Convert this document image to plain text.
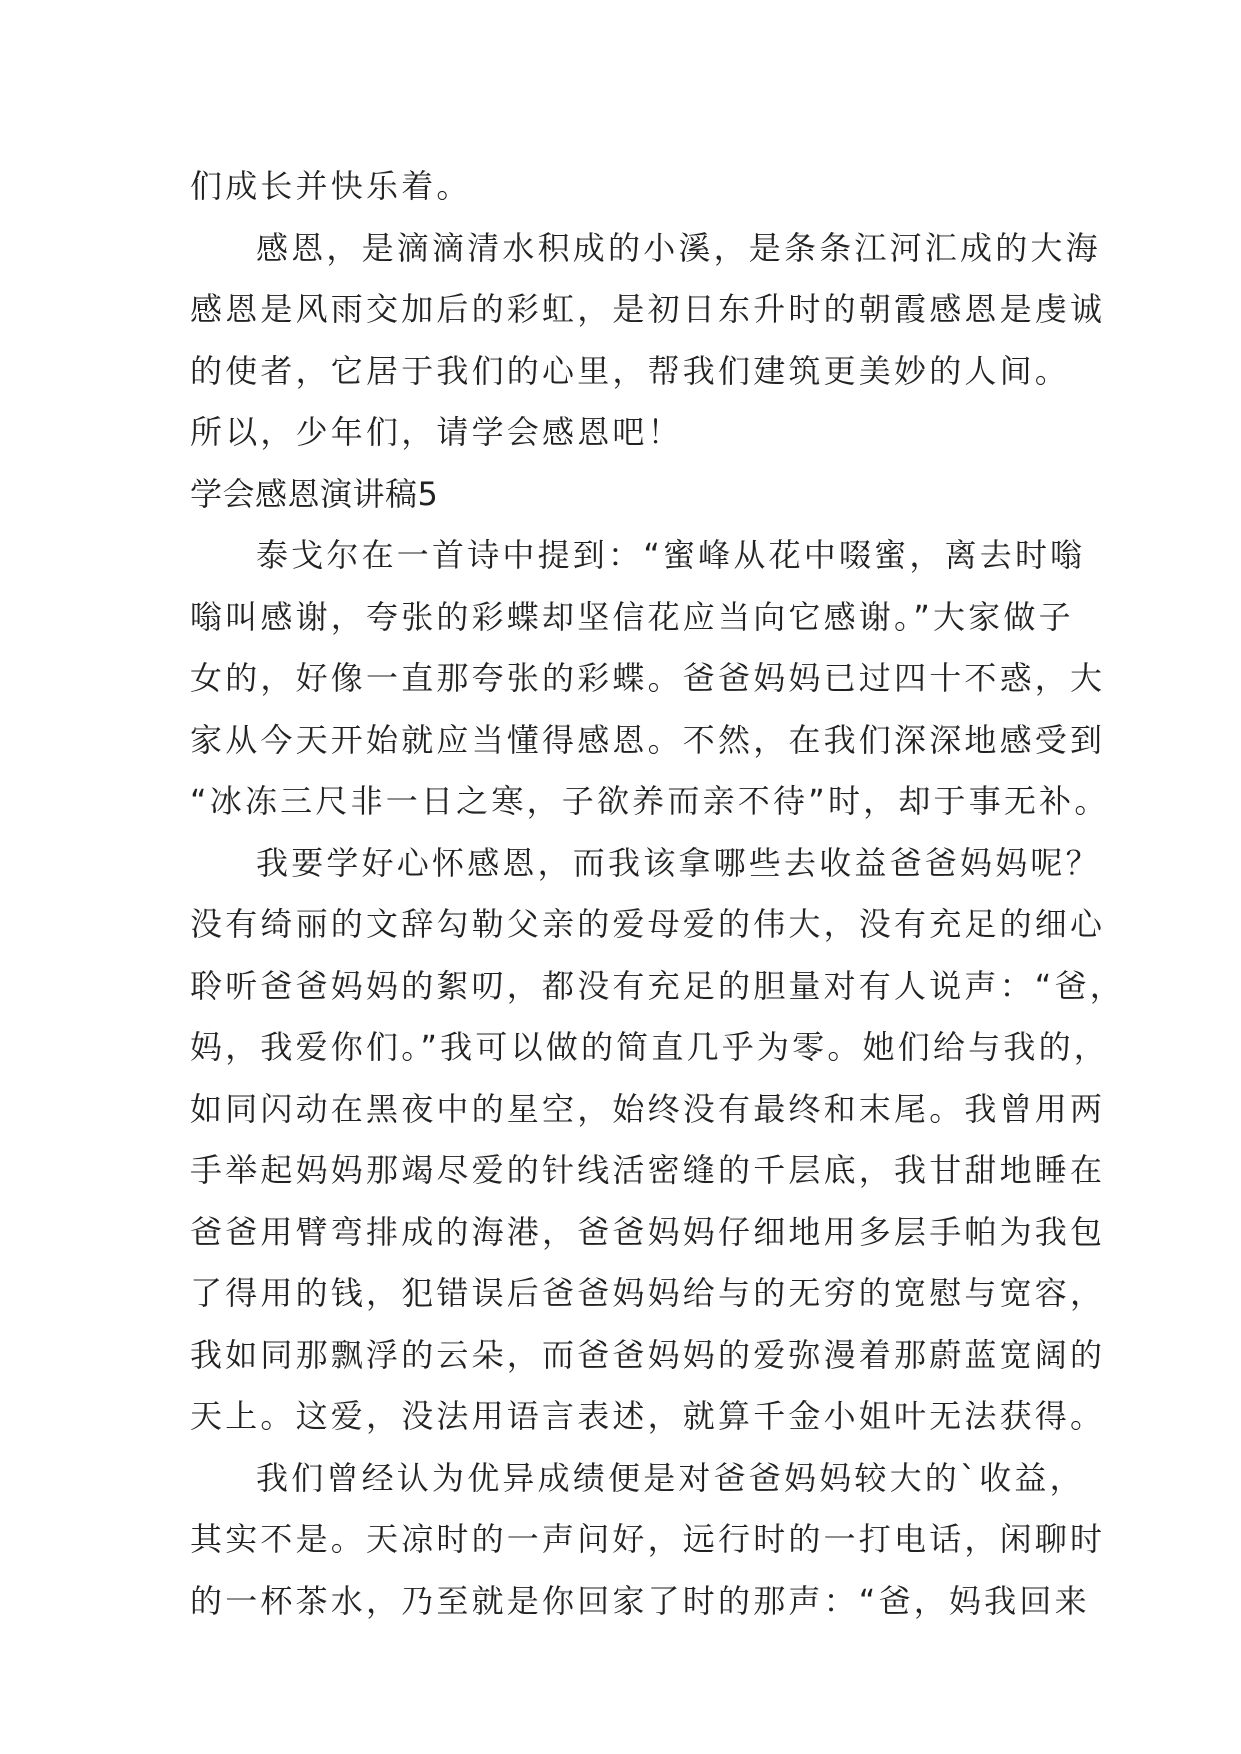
们成长并快乐着。
感恩，是滴滴清水积成的小溪，是条条江河汇成的大海
感恩是风雨交加后的彩虹，是初日东升时的朝霞感恩是虔诚
的使者，它居于我们的心里，帮我们建筑更美妙的人间。
所以，少年们，请学会感恩吧！
学会感恩演讲稿5
泰戈尔在一首诗中提到：“蜜峰从花中啜蜜，离去时嗡
嗡叫感谢，夸张的彩蝶却坚信花应当向它感谢。”大家做子
女的，好像一直那夸张的彩蝶。爸爸妈妈已过四十不惑，大
家从今天开始就应当懂得感恩。不然，在我们深深地感受到
“冰冻三尺非一日之寒，子欲养而亲不待”时，却于事无补。
我要学好心怀感恩，而我该拿哪些去收益爸爸妈妈呢？
没有绮丽的文辞勾勒父亲的爱母爱的伟大，没有充足的细心
聆听爸爸妈妈的絮叨，都没有充足的胆量对有人说声：“爸，
妈，我爱你们。”我可以做的简直几乎为零。她们给与我的，
如同闪动在黑夜中的星空，始终没有最终和末尾。我曾用两
手举起妈妈那竭尽爱的针线活密缝的千层底，我甘甜地睡在
爸爸用臂弯排成的海港，爸爸妈妈仔细地用多层手帕为我包
了得用的钱，犯错误后爸爸妈妈给与的无穷的宽慰与宽容，
我如同那飘浮的云朵，而爸爸妈妈的爱弥漫着那蔚蓝宽阔的
天上。这爱，没法用语言表述，就算千金小姐叶无法获得。
我们曾经认为优异成绩便是对爸爸妈妈较大的`收益，
其实不是。天凉时的一声问好，远行时的一打电话，闲聊时
的一杯茶水，乃至就是你回家了时的那声：“爸，妈我回来
